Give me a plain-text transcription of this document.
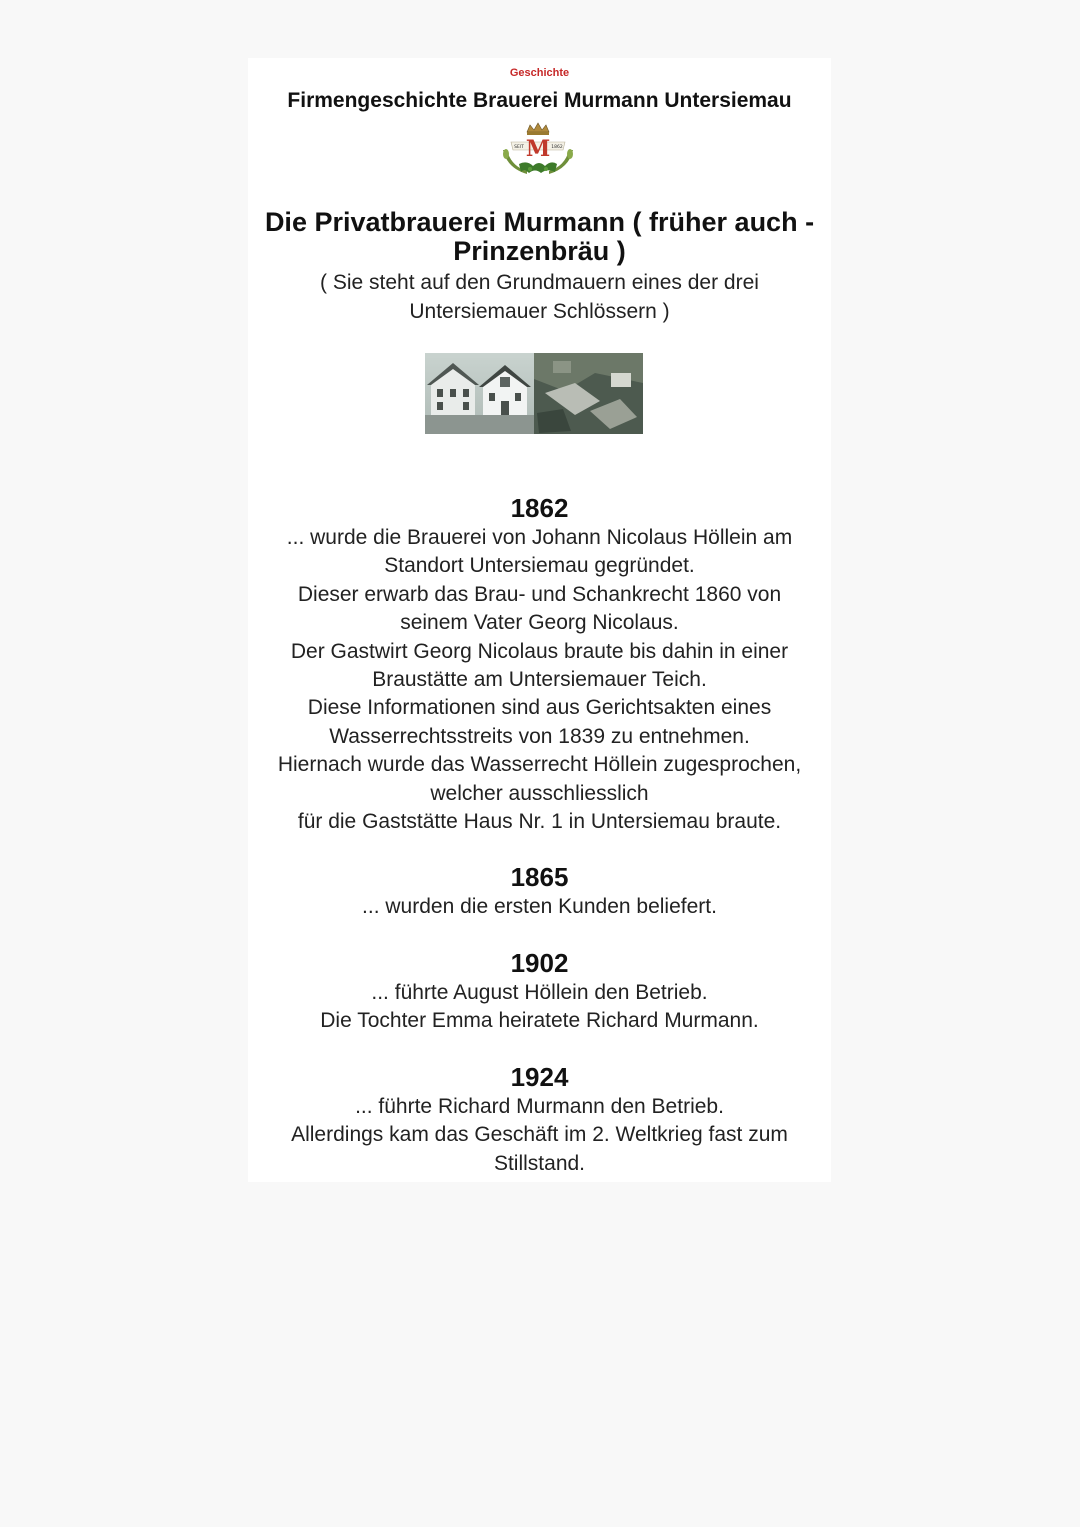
Geschichte
Firmengeschichte Brauerei Murmann Untersiemau
SEIT	1862
M
Die Privatbrauerei Murmann ( früher auch -
Prinzenbräu )
( Sie steht auf den Grundmauern eines der drei
Untersiemauer Schlössern )
1862
... wurde die Brauerei von Johann Nicolaus Höllein am
Standort Untersiemau gegründet.
Dieser erwarb das Brau- und Schankrecht 1860 von
seinem Vater Georg Nicolaus.
Der Gastwirt Georg Nicolaus braute bis dahin in einer
Braustätte am Untersiemauer Teich.
Diese Informationen sind aus Gerichtsakten eines
Wasserrechtsstreits von 1839 zu entnehmen.
Hiernach wurde das Wasserrecht Höllein zugesprochen,
welcher ausschliesslich
für die Gaststätte Haus Nr. 1 in Untersiemau braute.
1865
... wurden die ersten Kunden beliefert.
1902
... führte August Höllein den Betrieb.
Die Tochter Emma heiratete Richard Murmann.
1924
... führte Richard Murmann den Betrieb.
Allerdings kam das Geschäft im 2. Weltkrieg fast zum
Stillstand.
